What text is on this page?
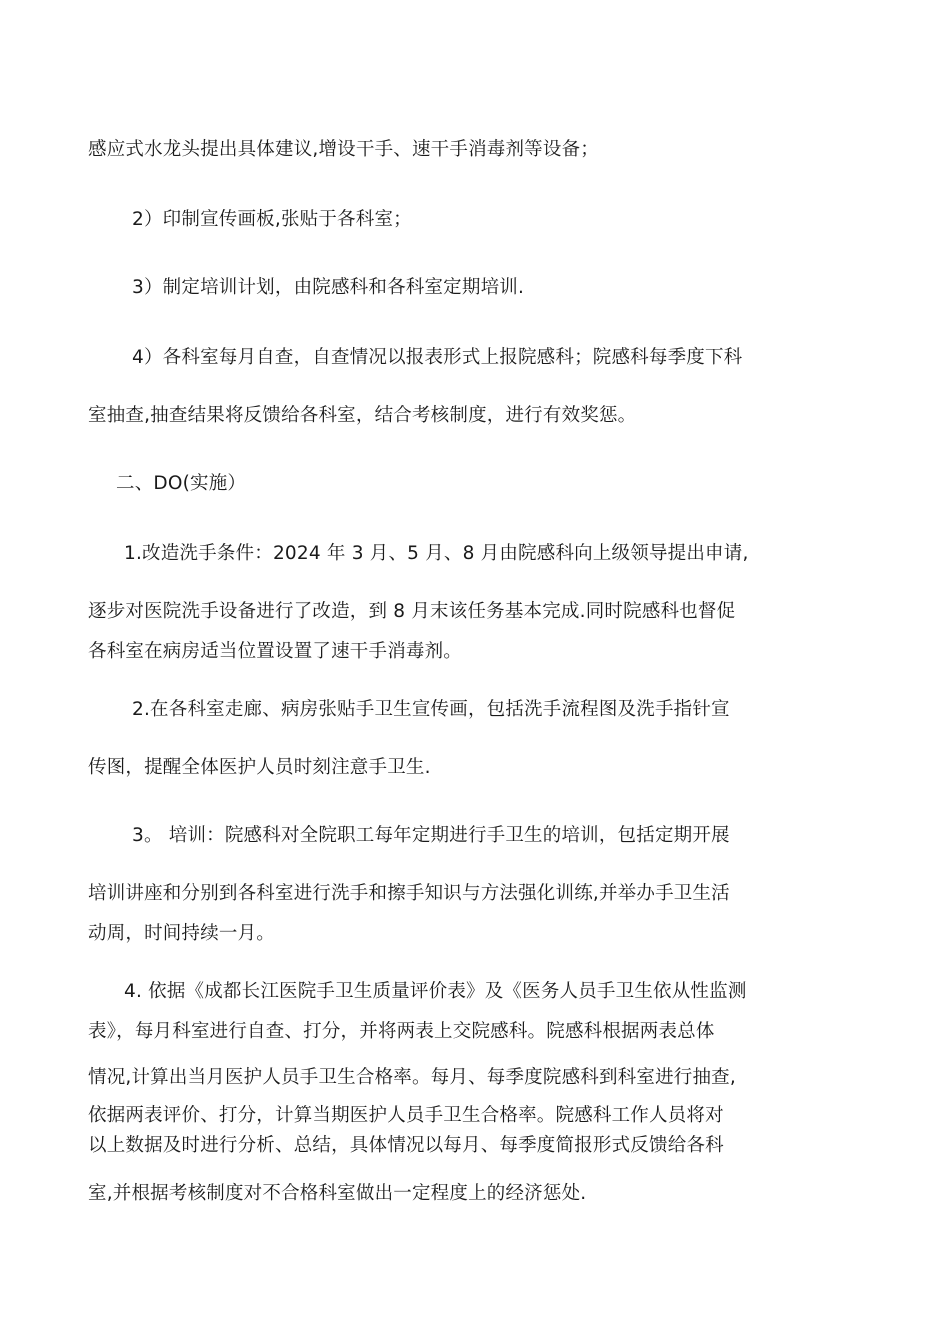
感应式水龙头提出具体建议,增设干手、速干手消毒剂等设备；
2）印制宣传画板,张贴于各科室；
3）制定培训计划，由院感科和各科室定期培训.
4）各科室每月自查，自查情况以报表形式上报院感科；院感科每季度下科
室抽查,抽查结果将反馈给各科室，结合考核制度，进行有效奖惩。
二、DO(实施）
1.改造洗手条件：2024 年 3 月、5 月、8 月由院感科向上级领导提出申请,
逐步对医院洗手设备进行了改造，到 8 月末该任务基本完成.同时院感科也督促
各科室在病房适当位置设置了速干手消毒剂。
2.在各科室走廊、病房张贴手卫生宣传画，包括洗手流程图及洗手指针宣
传图，提醒全体医护人员时刻注意手卫生.
3。 培训：院感科对全院职工每年定期进行手卫生的培训，包括定期开展
培训讲座和分别到各科室进行洗手和擦手知识与方法强化训练,并举办手卫生活
动周，时间持续一月。
4. 依据《成都长江医院手卫生质量评价表》及《医务人员手卫生依从性监测
表》，每月科室进行自查、打分，并将两表上交院感科。院感科根据两表总体
情况,计算出当月医护人员手卫生合格率。每月、每季度院感科到科室进行抽查,
依据两表评价、打分，计算当期医护人员手卫生合格率。院感科工作人员将对
以上数据及时进行分析、总结，具体情况以每月、每季度简报形式反馈给各科
室,并根据考核制度对不合格科室做出一定程度上的经济惩处.
